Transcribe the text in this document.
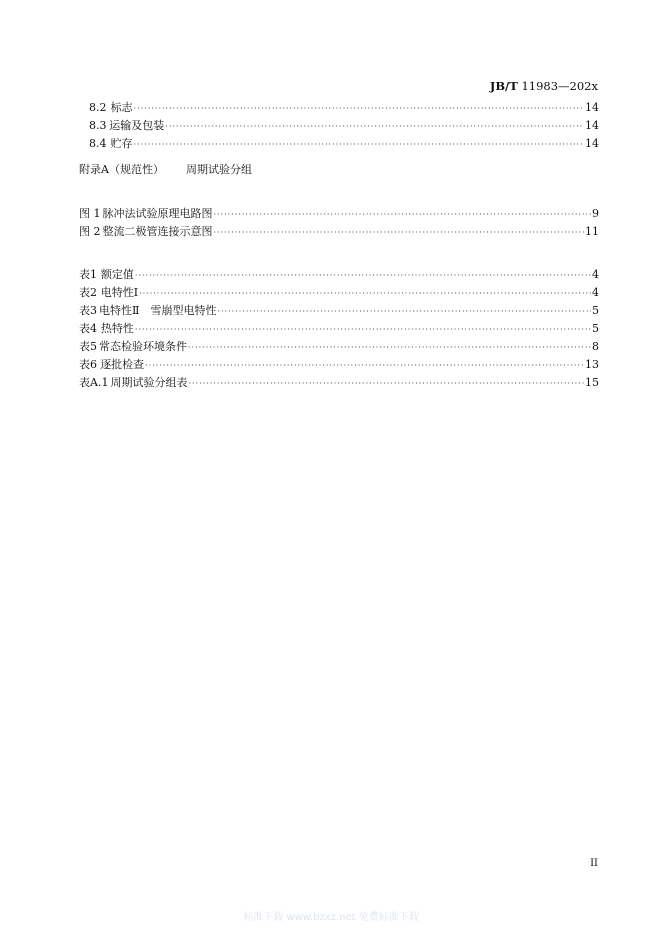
JB/T 11983—202x
8.2 标志 ·····	14
8.3 运输及包装 ·····	14
8.4 贮存 ·····	14
附录A（规范性） 周期试验分组
图 1 脉冲法试验原理电路图 ·····	9
图 2 整流二极管连接示意图 ·····	11
表1 额定值 ·····	4
表2 电特性Ⅰ ·····	4
表3 电特性Ⅱ　雪崩型电特性 ·····	5
表4 热特性 ·····	5
表5 常态检验环境条件 ·····	8
表6 逐批检查 ·····	13
表A.1 周期试验分组表 ·····	15
II
标准下载 www.bzxz.net 免费标准下载
